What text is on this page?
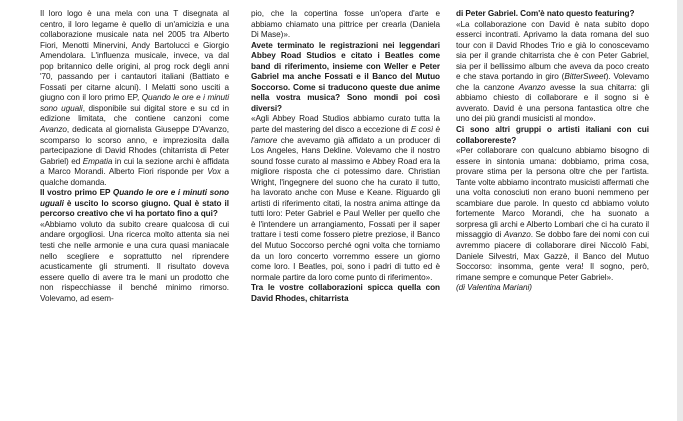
Il loro logo è una mela con una T disegnata al centro, il loro legame è quello di un'amicizia e una collaborazione musicale nata nel 2005 tra Alberto Fiori, Menotti Minervini, Andy Bartolucci e Giorgio Amendolara. L'influenza musicale, invece, va dal pop britannico delle origini, al prog rock degli anni '70, passando per i cantautori italiani (Battiato e Fossati per citarne alcuni). I Melatti sono usciti a giugno con il loro primo EP, Quando le ore e i minuti sono uguali, disponibile sui digital store e su cd in edizione limitata, che contiene canzoni come Avanzo, dedicata al giornalista Giuseppe D'Avanzo, scomparso lo scorso anno, e impreziosita dalla partecipazione di David Rhodes (chitarrista di Peter Gabriel) ed Empatia in cui la sezione archi è affidata a Marco Morandi. Alberto Fiori risponde per Vox a qualche domanda.

Il vostro primo EP Quando le ore e i minuti sono uguali è uscito lo scorso giugno. Qual è stato il percorso creativo che vi ha portato fino a qui?

«Abbiamo voluto da subito creare qualcosa di cui andare orgogliosi. Una ricerca molto attenta sia nei testi che nelle armonie e una cura quasi maniacale nello scegliere e soprattutto nel riprendere acusticamente gli strumenti. Il risultato doveva essere quello di avere tra le mani un prodotto che non rispecchiasse il benché minimo rimorso. Volevamo, ad esem-

pio, che la copertina fosse un'opera d'arte e abbiamo chiamato una pittrice per crearla (Daniela Di Mase)».

Avete terminato le registrazioni nei leggendari Abbey Road Studios e citato i Beatles come band di riferimento, insieme con Weller e Peter Gabriel ma anche Fossati e il Banco del Mutuo Soccorso. Come si traducono queste due anime nella vostra musica? Sono mondi poi così diversi?

«Agli Abbey Road Studios abbiamo curato tutta la parte del mastering del disco a eccezione di E così è l'amore che avevamo già affidato a un producer di Los Angeles, Hans Dekline. Volevamo che il nostro sound fosse curato al massimo e Abbey Road era la migliore risposta che ci potessimo dare. Christian Wright, l'ingegnere del suono che ha curato il tutto, ha lavorato anche con Muse e Keane. Riguardo gli artisti di riferimento citati, la nostra anima attinge da tutti loro: Peter Gabriel e Paul Weller per quello che è l'intendere un arrangiamento, Fossati per il saper trattare i testi come fossero pietre preziose, il Banco del Mutuo Soccorso perché ogni volta che torniamo da un loro concerto vorremmo essere un giorno come loro. I Beatles, poi, sono i padri di tutto ed è normale partire da loro come punto di riferimento».

Tra le vostre collaborazioni spicca quella con David Rhodes, chitarrista

di Peter Gabriel. Com'è nato questo featuring?

«La collaborazione con David è nata subito dopo esserci incontrati. Aprivamo la data romana del suo tour con il David Rhodes Trio e già lo conoscevamo sia per il grande chitarrista che è con Peter Gabriel, sia per il bellissimo album che aveva da poco creato e che stava portando in giro (BitterSweet). Volevamo che la canzone Avanzo avesse la sua chitarra: gli abbiamo chiesto di collaborare e il sogno si è avverato. David è una persona fantastica oltre che uno dei più grandi musicisti al mondo».

Ci sono altri gruppi o artisti italiani con cui collaborereste?

«Per collaborare con qualcuno abbiamo bisogno di essere in sintonia umana: dobbiamo, prima cosa, provare stima per la persona oltre che per l'artista. Tante volte abbiamo incontrato musicisti affermati che una volta conosciuti non erano buoni nemmeno per scambiare due parole. In questo cd abbiamo voluto fortemente Marco Morandi, che ha suonato a sorpresa gli archi e Alberto Lombari che ci ha curato il missaggio di Avanzo. Se dobbo fare dei nomi con cui avremmo piacere di collaborare direi Niccolò Fabi, Daniele Silvestri, Max Gazzè, il Banco del Mutuo Soccorso: insomma, gente vera! Il sogno, però, rimane sempre e comunque Peter Gabriel».

(di Valentina Mariani)
